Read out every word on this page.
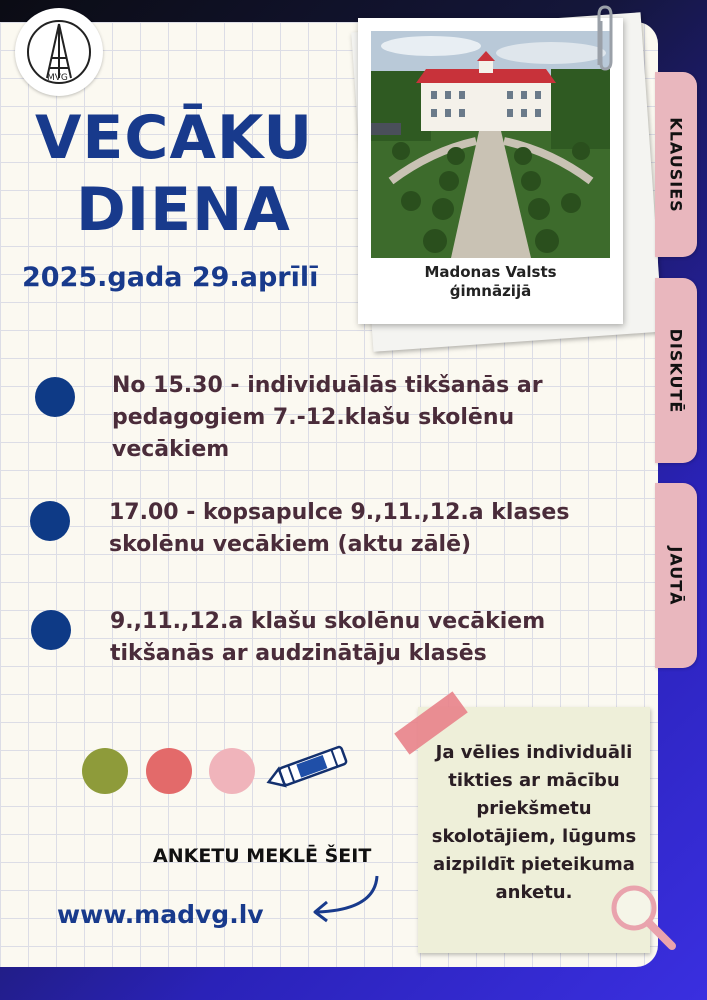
MVG
VECĀKU
DIENA
2025.gada 29.aprīlī	Madonas Valsts
ģimnāzijā
KLAUSIES
DISKUTĒ
JAUTĀ
No 15.30 - individuālās tikšanās ar
pedagogiem 7.-12.klašu skolēnu
vecākiem
17.00 - kopsapulce 9.,11.,12.a klases
skolēnu vecākiem (aktu zālē)
9.,11.,12.a klašu skolēnu vecākiem
tikšanās ar audzinātāju klasēs

Ja vēlies individuāli
tikties ar mācību
priekšmetu
skolotājiem, lūgums
aizpildīt pieteikuma
anketu.

ANKETU MEKLĒ ŠEIT
www.madvg.lv
